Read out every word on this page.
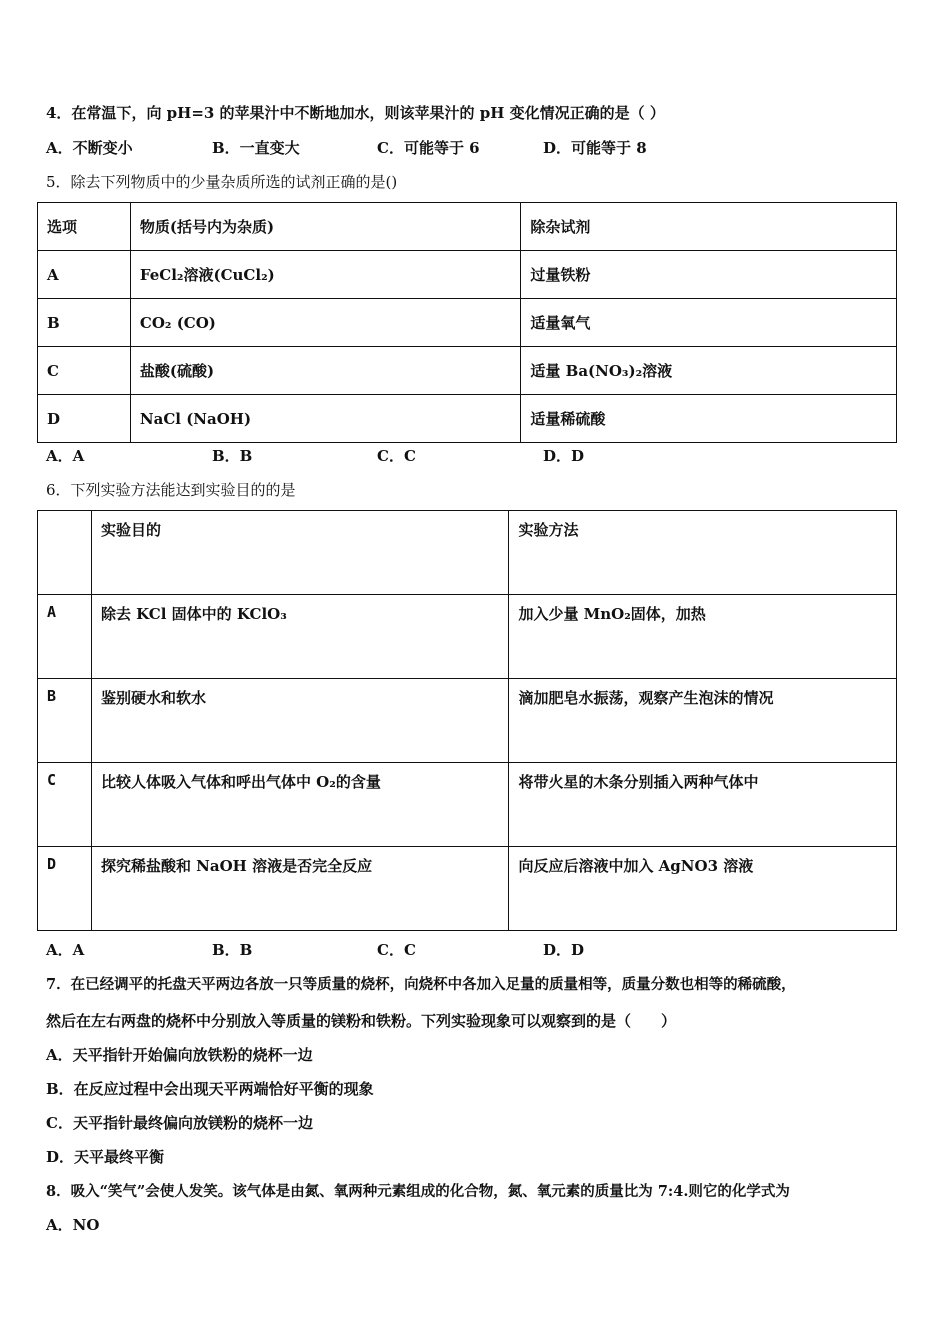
4．在常温下，向 pH=3 的苹果汁中不断地加水，则该苹果汁的 pH 变化情况正确的是（ ）
A．不断变小	B．一直变大	C．可能等于 6	D．可能等于 8
5．除去下列物质中的少量杂质所选的试剂正确的是()
选项	物质(括号内为杂质)	除杂试剂
A	FeCl₂溶液(CuCl₂)	过量铁粉
B	CO₂ (CO)	适量氧气
C	盐酸(硫酸)	适量 Ba(NO₃)₂溶液
D	NaCl (NaOH)	适量稀硫酸
A．A	B．B	C．C	D．D
6．下列实验方法能达到实验目的的是
	实验目的	实验方法
A	除去 KCl 固体中的 KClO₃	加入少量 MnO₂固体，加热
B	鉴别硬水和软水	滴加肥皂水振荡，观察产生泡沫的情况
C	比较人体吸入气体和呼出气体中 O₂的含量	将带火星的木条分别插入两种气体中
D	探究稀盐酸和 NaOH 溶液是否完全反应	向反应后溶液中加入 AgNO3 溶液
A．A	B．B	C．C	D．D
7．在已经调平的托盘天平两边各放一只等质量的烧杯，向烧杯中各加入足量的质量相等，质量分数也相等的稀硫酸，
然后在左右两盘的烧杯中分别放入等质量的镁粉和铁粉。下列实验现象可以观察到的是（　　）
A．天平指针开始偏向放铁粉的烧杯一边
B．在反应过程中会出现天平两端恰好平衡的现象
C．天平指针最终偏向放镁粉的烧杯一边
D．天平最终平衡
8．吸入“笑气”会使人发笑。该气体是由氮、氧两种元素组成的化合物，氮、氧元素的质量比为 7:4.则它的化学式为
A．NO
